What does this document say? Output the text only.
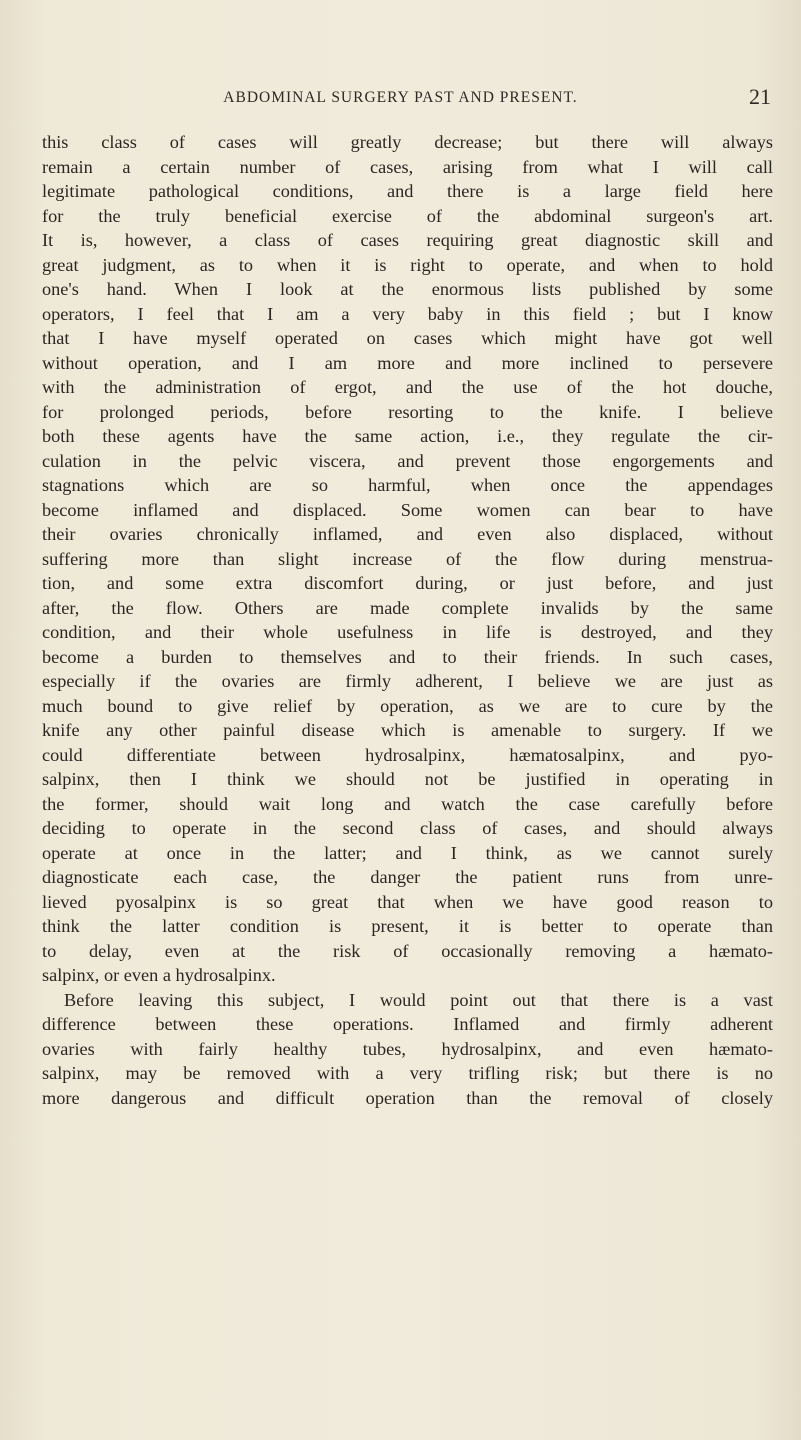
ABDOMINAL SURGERY PAST AND PRESENT.	21
this class of cases will greatly decrease; but there will always
remain a certain number of cases, arising from what I will call
legitimate pathological conditions, and there is a large field here
for the truly beneficial exercise of the abdominal surgeon's art.
It is, however, a class of cases requiring great diagnostic skill and
great judgment, as to when it is right to operate, and when to hold
one's hand. When I look at the enormous lists published by some
operators, I feel that I am a very baby in this field ; but I know
that I have myself operated on cases which might have got well
without operation, and I am more and more inclined to persevere
with the administration of ergot, and the use of the hot douche,
for prolonged periods, before resorting to the knife. I believe
both these agents have the same action, i.e., they regulate the cir-
culation in the pelvic viscera, and prevent those engorgements and
stagnations which are so harmful, when once the appendages
become inflamed and displaced. Some women can bear to have
their ovaries chronically inflamed, and even also displaced, without
suffering more than slight increase of the flow during menstrua-
tion, and some extra discomfort during, or just before, and just
after, the flow. Others are made complete invalids by the same
condition, and their whole usefulness in life is destroyed, and they
become a burden to themselves and to their friends. In such cases,
especially if the ovaries are firmly adherent, I believe we are just as
much bound to give relief by operation, as we are to cure by the
knife any other painful disease which is amenable to surgery. If we
could differentiate between hydrosalpinx, hæmatosalpinx, and pyo-
salpinx, then I think we should not be justified in operating in
the former, should wait long and watch the case carefully before
deciding to operate in the second class of cases, and should always
operate at once in the latter; and I think, as we cannot surely
diagnosticate each case, the danger the patient runs from unre-
lieved pyosalpinx is so great that when we have good reason to
think the latter condition is present, it is better to operate than
to delay, even at the risk of occasionally removing a hæmato-
salpinx, or even a hydrosalpinx.
Before leaving this subject, I would point out that there is a vast
difference between these operations. Inflamed and firmly adherent
ovaries with fairly healthy tubes, hydrosalpinx, and even hæmato-
salpinx, may be removed with a very trifling risk; but there is no
more dangerous and difficult operation than the removal of closely
